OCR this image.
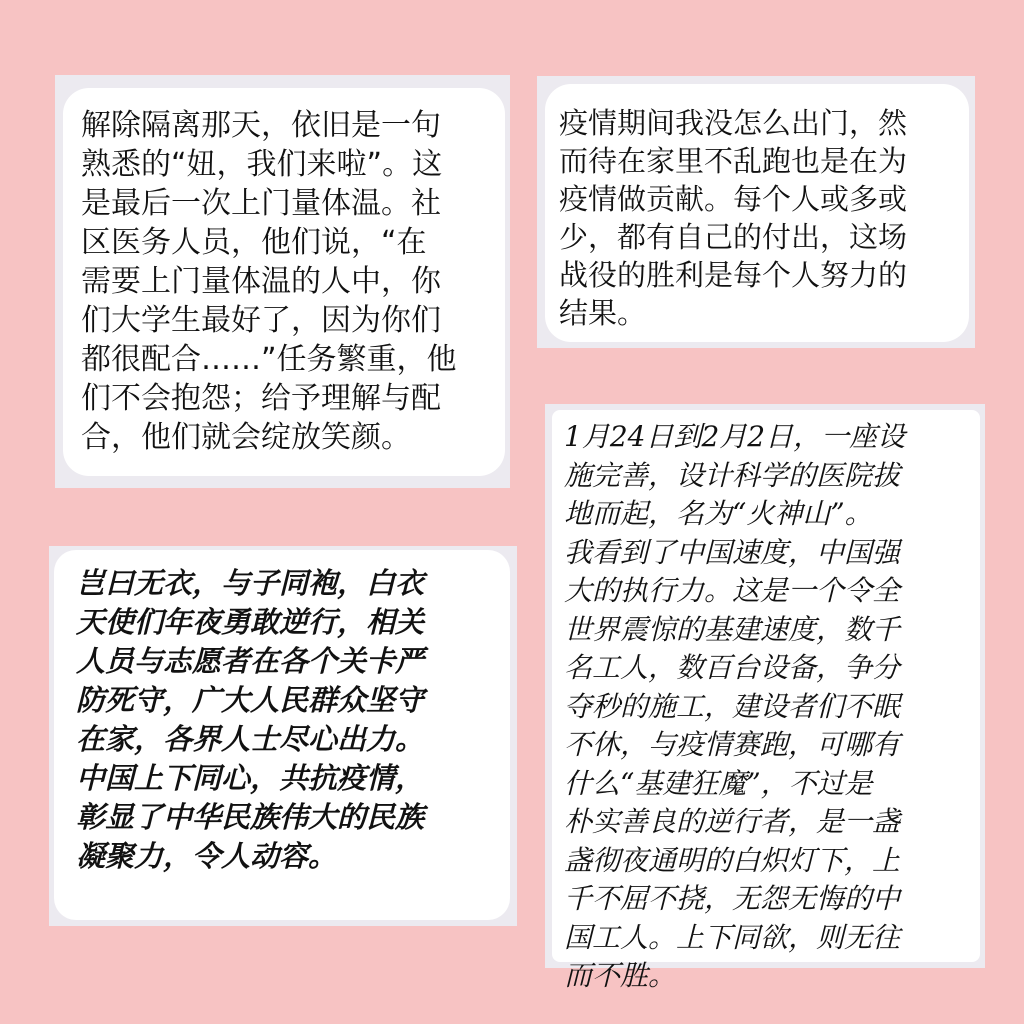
解除隔离那天，依旧是一句
熟悉的“妞，我们来啦”。这
是最后一次上门量体温。社
区医务人员，他们说，“在
需要上门量体温的人中，你
们大学生最好了，因为你们
都很配合……”任务繁重，他
们不会抱怨；给予理解与配
合，他们就会绽放笑颜。
疫情期间我没怎么出门，然
而待在家里不乱跑也是在为
疫情做贡献。每个人或多或
少，都有自己的付出，这场
战役的胜利是每个人努力的
结果。
岂曰无衣，与子同袍，白衣
天使们年夜勇敢逆行，相关
人员与志愿者在各个关卡严
防死守，广大人民群众坚守
在家，各界人士尽心出力。
中国上下同心，共抗疫情，
彰显了中华民族伟大的民族
凝聚力，令人动容。
1月24日到2月2日，一座设
施完善，设计科学的医院拔
地而起，名为“火神山”。
我看到了中国速度，中国强
大的执行力。这是一个令全
世界震惊的基建速度，数千
名工人，数百台设备，争分
夺秒的施工，建设者们不眠
不休，与疫情赛跑，可哪有
什么“基建狂魔”，不过是
朴实善良的逆行者，是一盏
盏彻夜通明的白炽灯下，上
千不屈不挠，无怨无悔的中
国工人。上下同欲，则无往
而不胜。
